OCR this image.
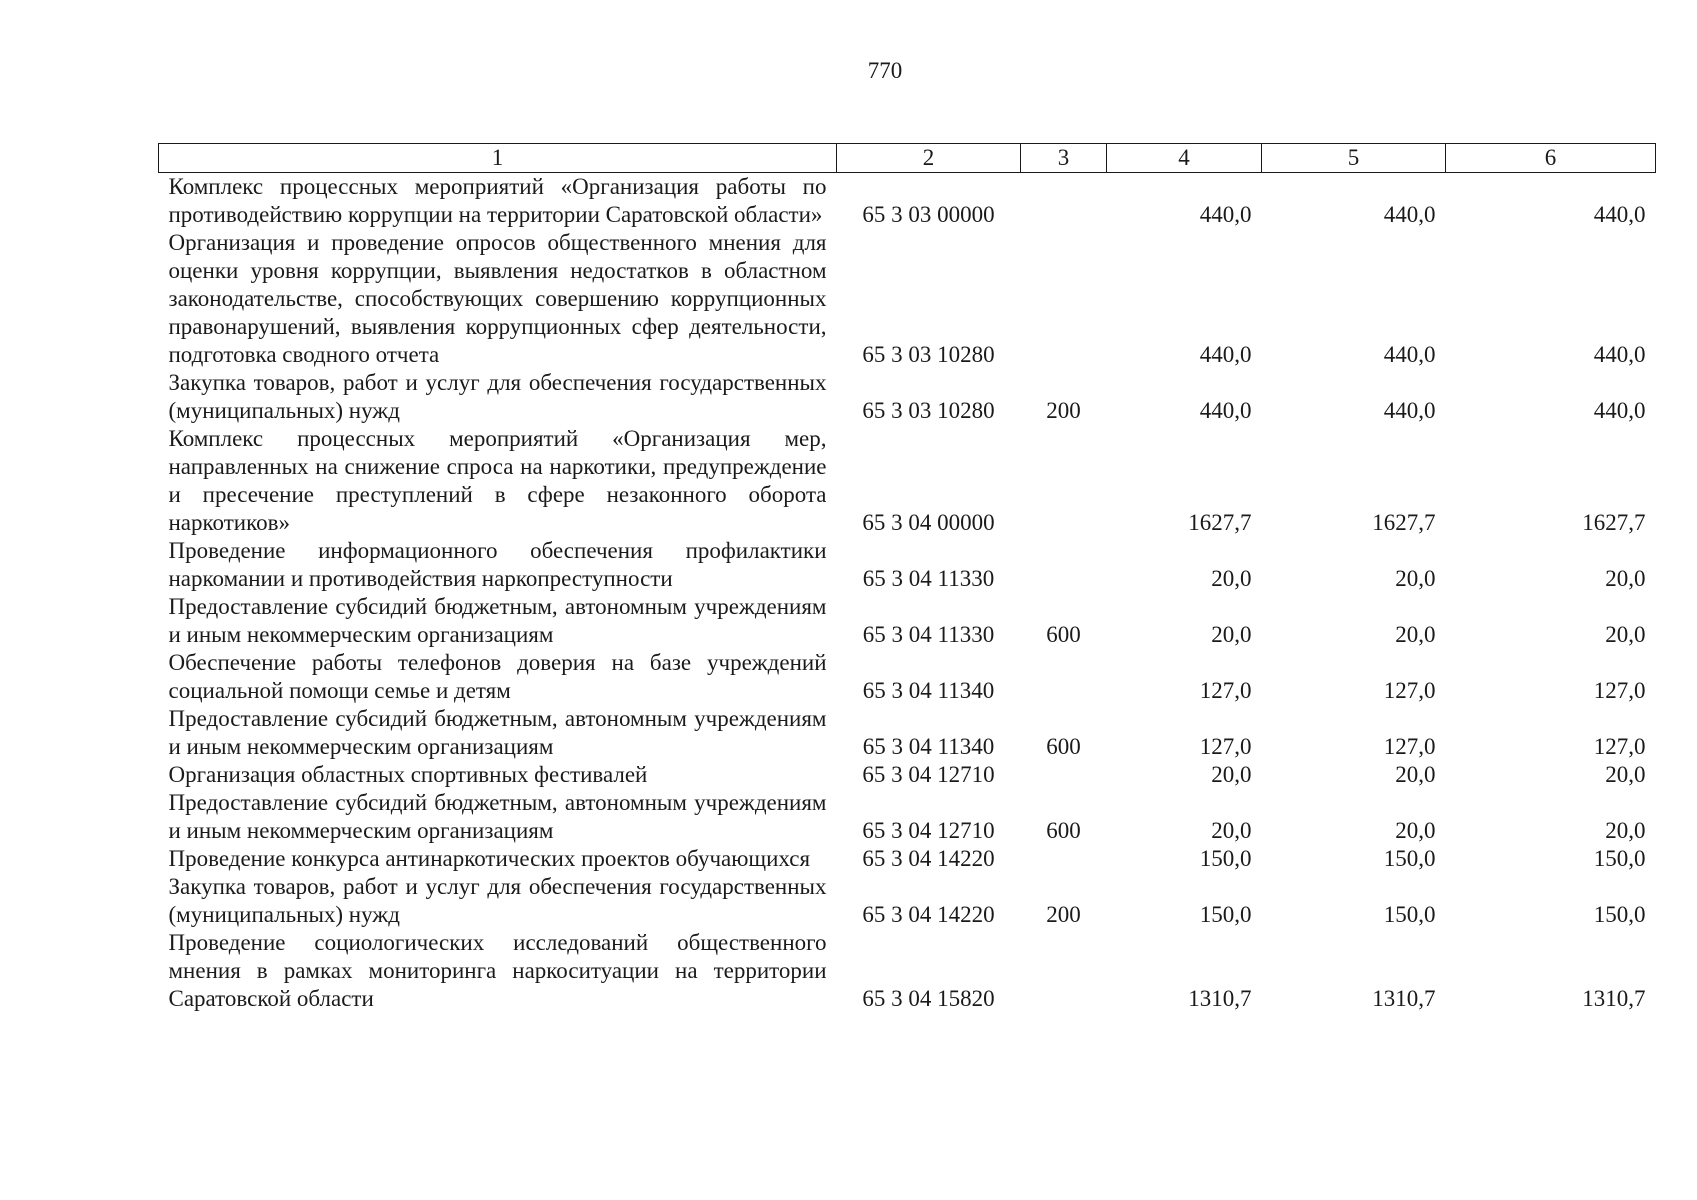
770
1	2	3	4	5	6
Комплекс процессных мероприятий «Организация работы по противодействию коррупции на территории Саратовской области»	65 3 03 00000		440,0	440,0	440,0
Организация и проведение опросов общественного мнения для оценки уровня коррупции, выявления недостатков в областном законодательстве, способствующих совершению коррупционных правонарушений, выявления коррупционных сфер деятельности, подготовка сводного отчета	65 3 03 10280		440,0	440,0	440,0
Закупка товаров, работ и услуг для обеспечения государственных (муниципальных) нужд	65 3 03 10280	200	440,0	440,0	440,0
Комплекс процессных мероприятий «Организация мер, направленных на снижение спроса на наркотики, предупреждение и пресечение преступлений в сфере незаконного оборота наркотиков»	65 3 04 00000		1627,7	1627,7	1627,7
Проведение информационного обеспечения профилактики наркомании и противодействия наркопреступности	65 3 04 11330		20,0	20,0	20,0
Предоставление субсидий бюджетным, автономным учреждениям и иным некоммерческим организациям	65 3 04 11330	600	20,0	20,0	20,0
Обеспечение работы телефонов доверия на базе учреждений социальной помощи семье и детям	65 3 04 11340		127,0	127,0	127,0
Предоставление субсидий бюджетным, автономным учреждениям и иным некоммерческим организациям	65 3 04 11340	600	127,0	127,0	127,0
Организация областных спортивных фестивалей	65 3 04 12710		20,0	20,0	20,0
Предоставление субсидий бюджетным, автономным учреждениям и иным некоммерческим организациям	65 3 04 12710	600	20,0	20,0	20,0
Проведение конкурса антинаркотических проектов обучающихся	65 3 04 14220		150,0	150,0	150,0
Закупка товаров, работ и услуг для обеспечения государственных (муниципальных) нужд	65 3 04 14220	200	150,0	150,0	150,0
Проведение социологических исследований общественного мнения в рамках мониторинга наркоситуации на территории Саратовской области	65 3 04 15820		1310,7	1310,7	1310,7
